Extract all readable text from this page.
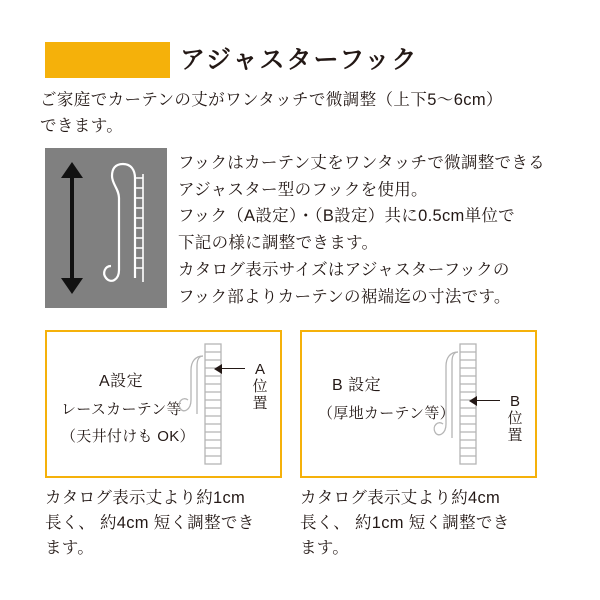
アジャスターフック
ご家庭でカーテンの丈がワンタッチで微調整（上下5〜6cm）
できます。
フックはカーテン丈をワンタッチで微調整できる
アジャスター型のフックを使用。
フック（A設定）・（B設定）共に0.5cm単位で
下記の様に調整できます。
カタログ表示サイズはアジャスターフックの
フック部よりカーテンの裾端迄の寸法です。
A設定
レースカーテン等
（天井付けも OK）
A位置
B 設定
（厚地カーテン等）
B位置
カタログ表示丈より約1cm
長く、 約4cm 短く調整でき
ます。
カタログ表示丈より約4cm
長く、 約1cm 短く調整でき
ます。
